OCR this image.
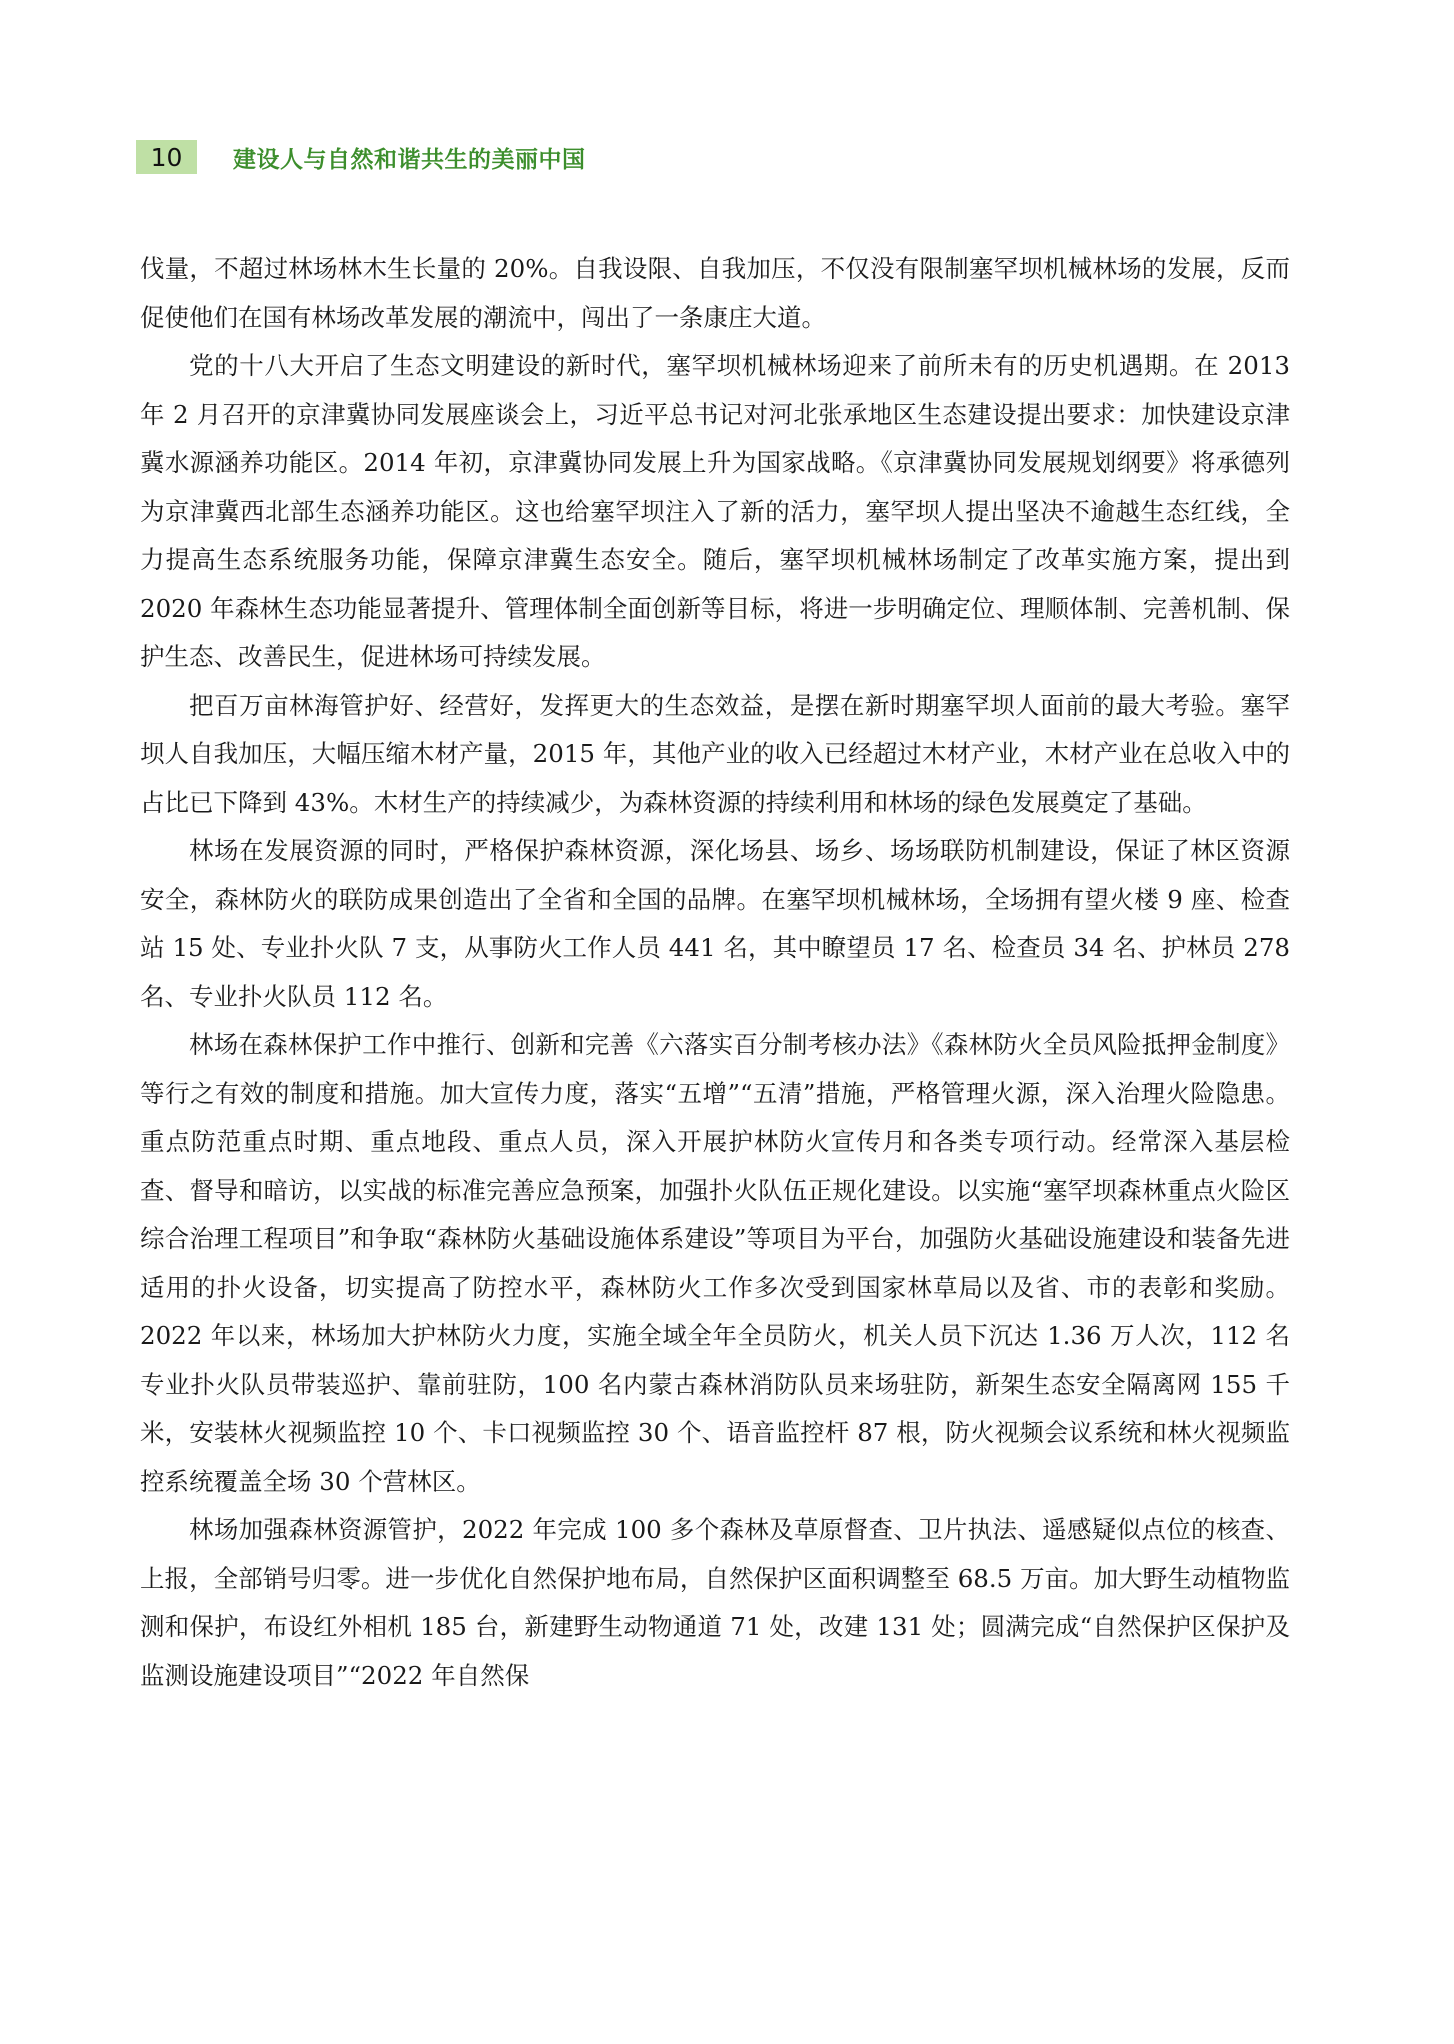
10	建设人与自然和谐共生的美丽中国

伐量，不超过林场林木生长量的 20%。自我设限、自我加压，不仅没有限制塞罕坝机械林场的发展，反而促使他们在国有林场改革发展的潮流中，闯出了一条康庄大道。

党的十八大开启了生态文明建设的新时代，塞罕坝机械林场迎来了前所未有的历史机遇期。在 2013 年 2 月召开的京津冀协同发展座谈会上，习近平总书记对河北张承地区生态建设提出要求：加快建设京津冀水源涵养功能区。2014 年初，京津冀协同发展上升为国家战略。《京津冀协同发展规划纲要》将承德列为京津冀西北部生态涵养功能区。这也给塞罕坝注入了新的活力，塞罕坝人提出坚决不逾越生态红线，全力提高生态系统服务功能，保障京津冀生态安全。随后，塞罕坝机械林场制定了改革实施方案，提出到 2020 年森林生态功能显著提升、管理体制全面创新等目标，将进一步明确定位、理顺体制、完善机制、保护生态、改善民生，促进林场可持续发展。

把百万亩林海管护好、经营好，发挥更大的生态效益，是摆在新时期塞罕坝人面前的最大考验。塞罕坝人自我加压，大幅压缩木材产量，2015 年，其他产业的收入已经超过木材产业，木材产业在总收入中的占比已下降到 43%。木材生产的持续减少，为森林资源的持续利用和林场的绿色发展奠定了基础。

林场在发展资源的同时，严格保护森林资源，深化场县、场乡、场场联防机制建设，保证了林区资源安全，森林防火的联防成果创造出了全省和全国的品牌。在塞罕坝机械林场，全场拥有望火楼 9 座、检查站 15 处、专业扑火队 7 支，从事防火工作人员 441 名，其中瞭望员 17 名、检查员 34 名、护林员 278 名、专业扑火队员 112 名。

林场在森林保护工作中推行、创新和完善《六落实百分制考核办法》《森林防火全员风险抵押金制度》等行之有效的制度和措施。加大宣传力度，落实“五增”“五清”措施，严格管理火源，深入治理火险隐患。重点防范重点时期、重点地段、重点人员，深入开展护林防火宣传月和各类专项行动。经常深入基层检查、督导和暗访，以实战的标准完善应急预案，加强扑火队伍正规化建设。以实施“塞罕坝森林重点火险区综合治理工程项目”和争取“森林防火基础设施体系建设”等项目为平台，加强防火基础设施建设和装备先进适用的扑火设备，切实提高了防控水平，森林防火工作多次受到国家林草局以及省、市的表彰和奖励。2022 年以来，林场加大护林防火力度，实施全域全年全员防火，机关人员下沉达 1.36 万人次，112 名专业扑火队员带装巡护、靠前驻防，100 名内蒙古森林消防队员来场驻防，新架生态安全隔离网 155 千米，安装林火视频监控 10 个、卡口视频监控 30 个、语音监控杆 87 根，防火视频会议系统和林火视频监控系统覆盖全场 30 个营林区。

林场加强森林资源管护，2022 年完成 100 多个森林及草原督查、卫片执法、遥感疑似点位的核查、上报，全部销号归零。进一步优化自然保护地布局，自然保护区面积调整至 68.5 万亩。加大野生动植物监测和保护，布设红外相机 185 台，新建野生动物通道 71 处，改建 131 处；圆满完成“自然保护区保护及监测设施建设项目”“2022 年自然保
